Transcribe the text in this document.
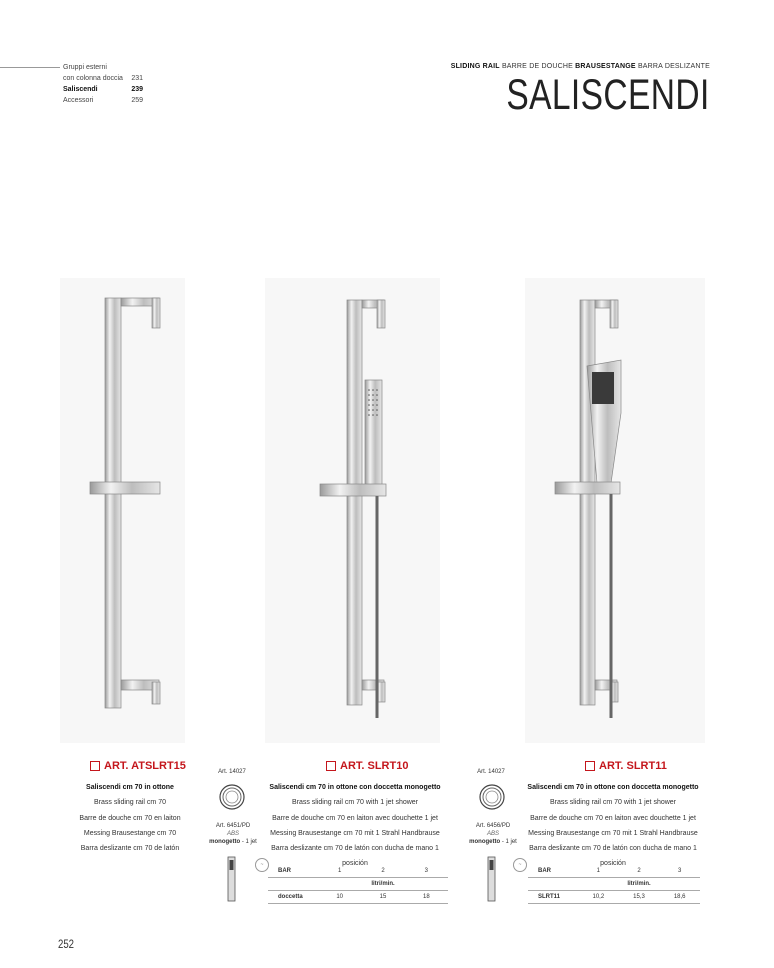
Gruppi esterni
con colonna doccia 231
Saliscendi	239
Accessori	259
SLIDING RAIL BARRE DE DOUCHE BRAUSESTANGE BARRA DESLIZANTE
SALISCENDI
ART. ATSLRT15
Saliscendi cm 70 in ottone
Brass sliding rail cm 70
Barre de douche cm 70 en laiton
Messing Brausestange cm 70
Barra deslizante cm 70 de latón
Art. 14027
Art. 6451/PD
ABS
monogetto - 1 jet
~
ART. SLRT10
Saliscendi cm 70 in ottone con doccetta monogetto
Brass sliding rail cm 70 with 1 jet shower
Barre de douche cm 70 en laiton avec douchette 1 jet
Messing Brausestange cm 70 mit 1 Strahl Handbrause
Barra deslizante cm 70 de latón con ducha de mano 1 posición
BAR	1	2	3
	litri/min.		
doccetta	10	15	18
Art. 14027
Art. 6456/PD
ABS
monogetto - 1 jet
~
ART. SLRT11
Saliscendi cm 70 in ottone con doccetta monogetto
Brass sliding rail cm 70 with 1 jet shower
Barre de douche cm 70 en laiton avec douchette 1 jet
Messing Brausestange cm 70 mit 1 Strahl Handbrause
Barra deslizante cm 70 de latón con ducha de mano 1 posición
BAR	1	2	3
	litri/min.		
SLRT11	10,2	15,3	18,6
252
